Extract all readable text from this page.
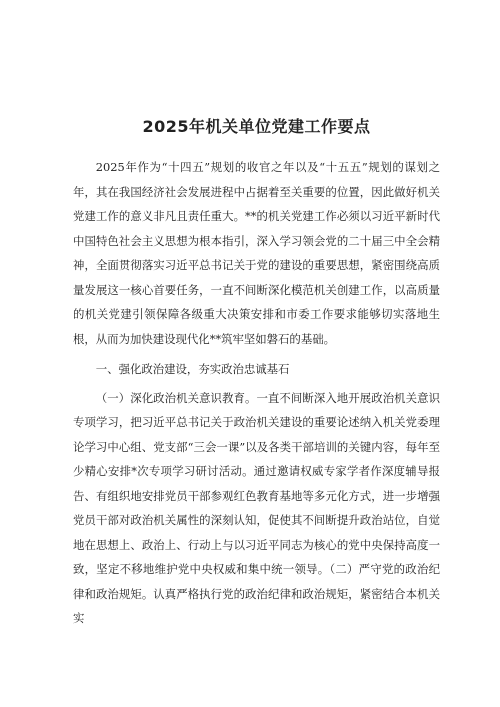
2025年机关单位党建工作要点

2025年作为“十四五”规划的收官之年以及“十五五”规划的谋划之年，其在我国经济社会发展进程中占据着至关重要的位置，因此做好机关党建工作的意义非凡且责任重大。**的机关党建工作必须以习近平新时代中国特色社会主义思想为根本指引，深入学习领会党的二十届三中全会精神，全面贯彻落实习近平总书记关于党的建设的重要思想，紧密围绕高质量发展这一核心首要任务，一直不间断深化模范机关创建工作，以高质量的机关党建引领保障各级重大决策安排和市委工作要求能够切实落地生根，从而为加快建设现代化**筑牢坚如磐石的基础。

一、强化政治建设，夯实政治忠诚基石

（一）深化政治机关意识教育。一直不间断深入地开展政治机关意识专项学习，把习近平总书记关于政治机关建设的重要论述纳入机关党委理论学习中心组、党支部“三会一课”以及各类干部培训的关键内容，每年至少精心安排*次专项学习研讨活动。通过邀请权威专家学者作深度辅导报告、有组织地安排党员干部参观红色教育基地等多元化方式，进一步增强党员干部对政治机关属性的深刻认知，促使其不间断提升政治站位，自觉地在思想上、政治上、行动上与以习近平同志为核心的党中央保持高度一致，坚定不移地维护党中央权威和集中统一领导。（二）严守党的政治纪律和政治规矩。认真严格执行党的政治纪律和政治规矩，紧密结合本机关实
